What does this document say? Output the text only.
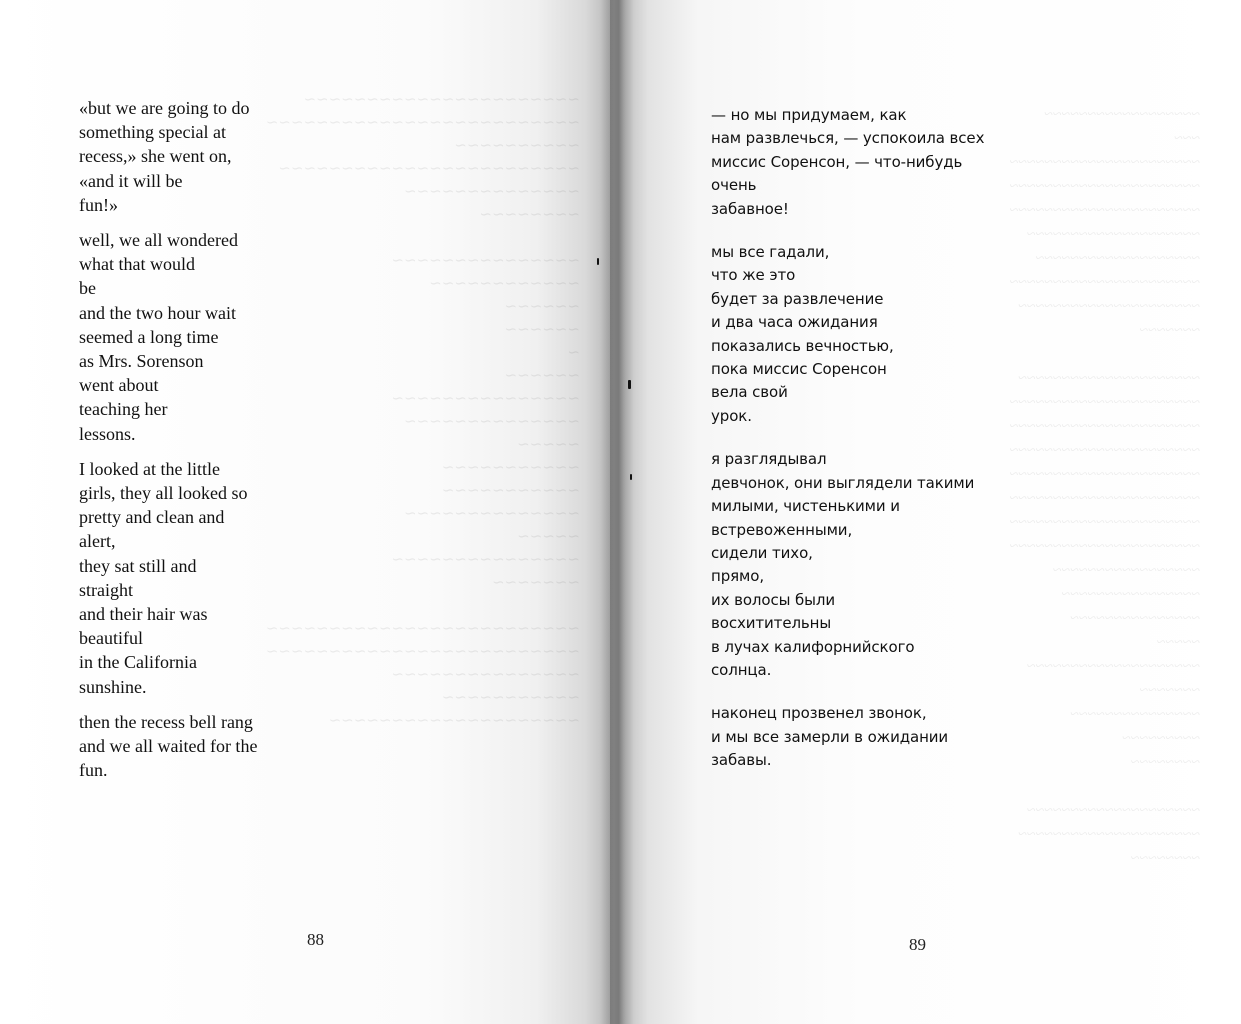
~~~~~~~~~~~~~~~~~~~~~~
~~~~~~~~~~~~~~~~~~~~~~~~~
~~~~~~~~~~
~~~~~~~~~~~~~~~~~~~~~~~~
~~~~~~~~~~~~~~
~~~~~~~~

~~~~~~~~~~~~~~~
~~~~~~~~~~~~
~~~~~~
~~~~~~
~
~~~~~~
~~~~~~~~~~~~~~~
~~~~~~~~~~~~~~
~~~~~
~~~~~~~~~~~
~~~~~~~~~~~
~~~~~~~~~~~~~~
~~~~~
~~~~~~~~~~~~~~~
~~~~~~~

~~~~~~~~~~~~~~~~~~~~~~~~~
~~~~~~~~~~~~~~~~~~~~~~~~~
~~~~~~~~~~~~~~~
~~~~~~~~~~~
~~~~~~~~~~~~~~~~~~~~
~~~~~~~~~~~~~~~~~~
~~~
~~~~~~~~~~~~~~~~~~~~~~
~~~~~~~~~~~~~~~~~~~~~~
~~~~~~~~~~~~~~~~~~~~~~
~~~~~~~~~~~~~~~~~~~~
~~~~~~~~~~~~~~~~~~~
~~~~~~~~~~~~~~~~~~~~~~
~~~~~~~~~~~~~~~~~~~~~
~~~~~~~

~~~~~~~~~~~~~~~~~~~~~
~~~~~~~~~~~~~~~~~~~~~~
~~~~~~~~~~~~~~~~~~~~~~
~~~~~~~~~~~~~~~~~~~~~~
~~~~~~~~~~~~~~~~~~~~~~
~~~~~~~~~~~~~~~~~~~~~~
~~~~~~~~~~~~~~~~~~~~~~
~~~~~~~~~~~~~~~~~~~~~~
~~~~~~~~~~~~~~~~~
~~~~~~~~~~~~~~~~
~~~~~~~~~~~~~~~
~~~~~
~~~~~~~~~~~~~~~~~~~~
~~~~~~~
~~~~~~~~~~~~~~~
~~~~~~~~~
~~~~~~~~

~~~~~~~~~~~~~~~~~~~~
~~~~~~~~~~~~~~~~~~~~~
~~~~~~~~

«but we are going to do
something special at
recess,» she went on,
«and it will be
fun!»

well, we all wondered
what that would
be
and the two hour wait
seemed a long time
as Mrs. Sorenson
went about
teaching her
lessons.

I looked at the little
girls, they all looked so
pretty and clean and
alert,
they sat still and
straight
and their hair was
beautiful
in the California
sunshine.

then the recess bell rang
and we all waited for the
fun.

88

— но мы придумаем, как
нам развлечься, — успокоила всех
миссис Соренсон, — что-нибудь
очень
забавное!

мы все гадали,
что же это
будет за развлечение
и два часа ожидания
показались вечностью,
пока миссис Соренсон
вела свой
урок.

я разглядывал
девчонок, они выглядели такими
милыми, чистенькими и
встревоженными,
сидели тихо,
прямо,
их волосы были
восхитительны
в лучах калифорнийского
солнца.

наконец прозвенел звонок,
и мы все замерли в ожидании
забавы.

89
